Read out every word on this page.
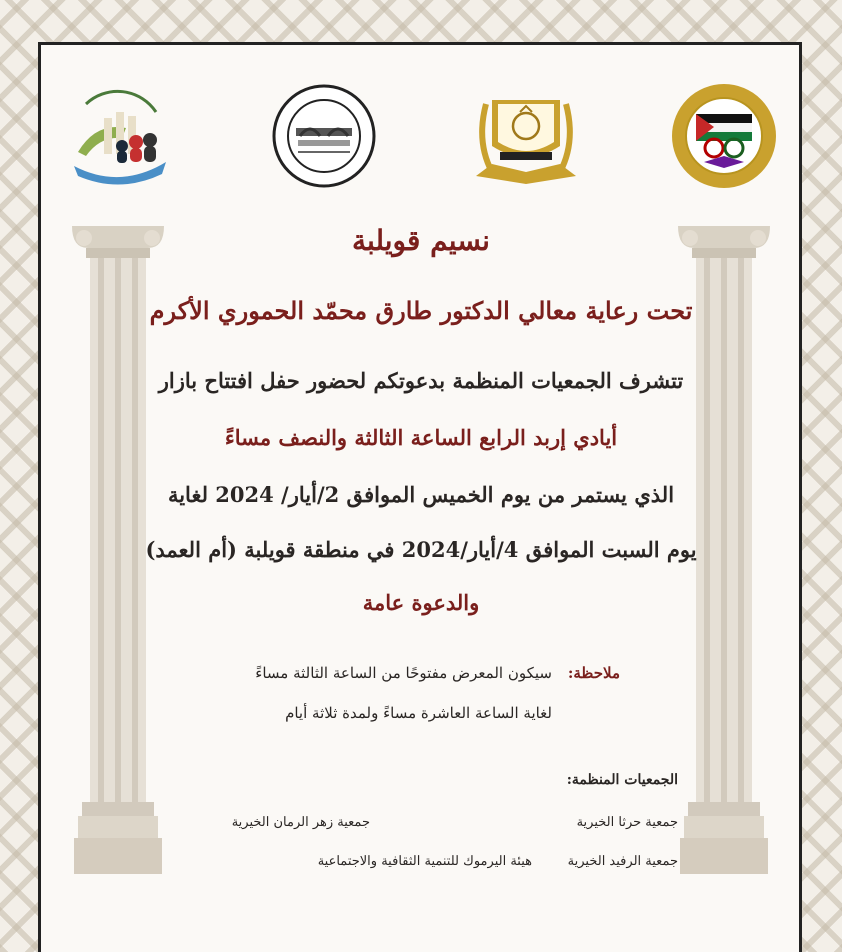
نسيم قويلبة

تحت رعاية معالي الدكتور طارق محمّد الحموري الأكرم

تتشرف الجمعيات المنظمة بدعوتكم لحضور حفل افتتاح بازار

أيادي إربد الرابع الساعة الثالثة والنصف مساءً

الذي يستمر من يوم الخميس الموافق 2/أيار/ 2024 لغاية

يوم السبت الموافق 4/أيار/2024 في منطقة قويلبة (أم العمد)

والدعوة عامة

ملاحظة:

سيكون المعرض مفتوحًا من الساعة الثالثة مساءً

لغاية الساعة العاشرة مساءً ولمدة ثلاثة أيام

الجمعيات المنظمة:

جمعية حرثا الخيرية

جمعية زهر الرمان الخيرية

جمعية الرفيد الخيرية

هيئة اليرموك للتنمية الثقافية والاجتماعية
